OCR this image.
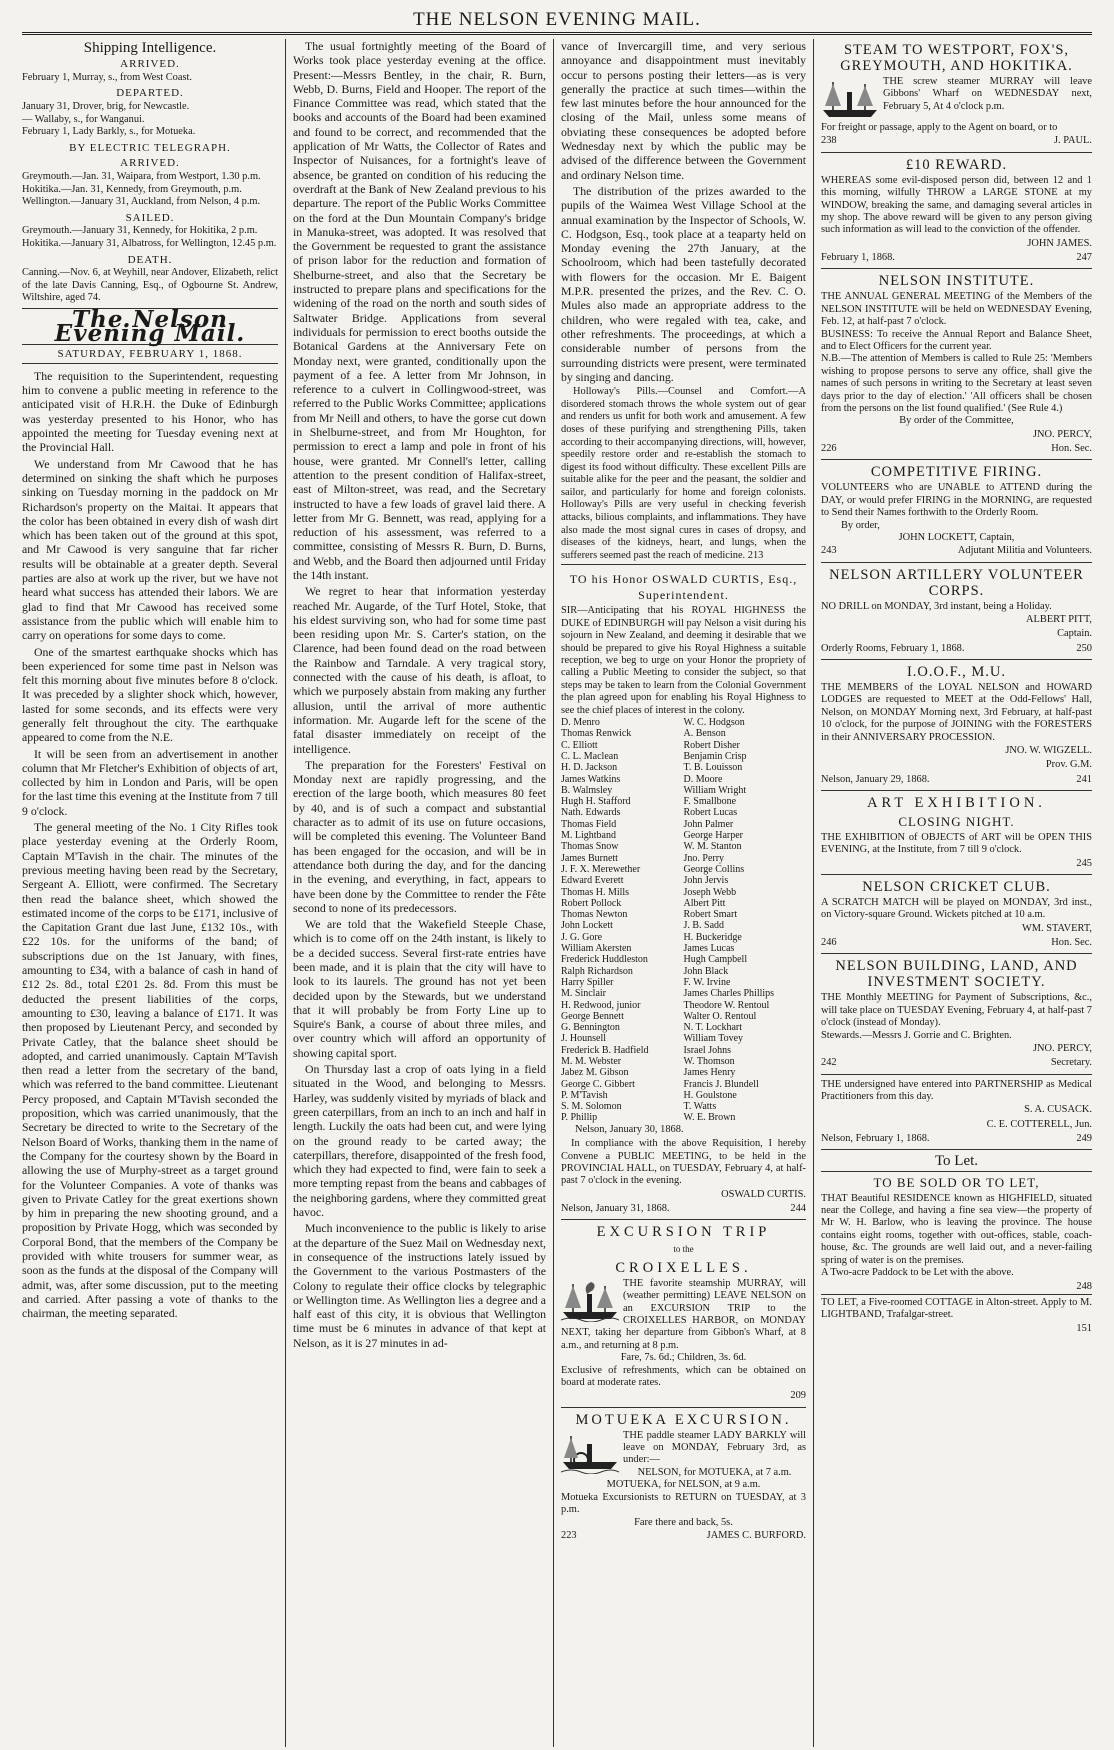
THE NELSON EVENING MAIL.
Shipping Intelligence.
ARRIVED.
February 1, Murray, s., from West Coast.
DEPARTED.
January 31, Drover, brig, for Newcastle.
— Wallaby, s., for Wanganui.
February 1, Lady Barkly, s., for Motueka.
BY ELECTRIC TELEGRAPH.
ARRIVED.
Greymouth.—Jan. 31, Waipara, from Westport, 1.30 p.m.
Hokitika.—Jan. 31, Kennedy, from Greymouth, p.m.
Wellington.—January 31, Auckland, from Nelson, 4 p.m.
SAILED.
Greymouth.—January 31, Kennedy, for Hokitika, 2 p.m.
Hokitika.—January 31, Albatross, for Wellington, 12.45 p.m.
DEATH.
Canning.—Nov. 6, at Weyhill, near Andover, Elizabeth, relict of the late Davis Canning, Esq., of Ogbourne St. Andrew, Wiltshire, aged 74.
The Nelson Evening Mail.
SATURDAY, FEBRUARY 1, 1868.

The requisition to the Superintendent, requesting him to convene a public meeting in reference to the anticipated visit of H.R.H. the Duke of Edinburgh was yesterday presented to his Honor, who has appointed the meeting for Tuesday evening next at the Provincial Hall.

We understand from Mr Cawood that he has determined on sinking the shaft which he purposes sinking on Tuesday morning in the paddock on Mr Richardson's property on the Maitai. It appears that the color has been obtained in every dish of wash dirt which has been taken out of the ground at this spot, and Mr Cawood is very sanguine that far richer results will be obtainable at a greater depth. Several parties are also at work up the river, but we have not heard what success has attended their labors. We are glad to find that Mr Cawood has received some assistance from the public which will enable him to carry on operations for some days to come.

One of the smartest earthquake shocks which has been experienced for some time past in Nelson was felt this morning about five minutes before 8 o'clock. It was preceded by a slighter shock which, however, lasted for some seconds, and its effects were very generally felt throughout the city. The earthquake appeared to come from the N.E.

It will be seen from an advertisement in another column that Mr Fletcher's Exhibition of objects of art, collected by him in London and Paris, will be open for the last time this evening at the Institute from 7 till 9 o'clock.

The general meeting of the No. 1 City Rifles took place yesterday evening at the Orderly Room, Captain M'Tavish in the chair. The minutes of the previous meeting having been read by the Secretary, Sergeant A. Elliott, were confirmed. The Secretary then read the balance sheet, which showed the estimated income of the corps to be £171, inclusive of the Capitation Grant due last June, £132 10s., with £22 10s. for the uniforms of the band; of subscriptions due on the 1st January, with fines, amounting to £34, with a balance of cash in hand of £12 2s. 8d., total £201 2s. 8d. From this must be deducted the present liabilities of the corps, amounting to £30, leaving a balance of £171. It was then proposed by Lieutenant Percy, and seconded by Private Catley, that the balance sheet should be adopted, and carried unanimously. Captain M'Tavish then read a letter from the secretary of the band, which was referred to the band committee. Lieutenant Percy proposed, and Captain M'Tavish seconded the proposition, which was carried unanimously, that the Secretary be directed to write to the Secretary of the Nelson Board of Works, thanking them in the name of the Company for the courtesy shown by the Board in allowing the use of Murphy-street as a target ground for the Volunteer Companies. A vote of thanks was given to Private Catley for the great exertions shown by him in preparing the new shooting ground, and a proposition by Private Hogg, which was seconded by Corporal Bond, that the members of the Company be provided with white trousers for summer wear, as soon as the funds at the disposal of the Company will admit, was, after some discussion, put to the meeting and carried. After passing a vote of thanks to the chairman, the meeting separated.

The usual fortnightly meeting of the Board of Works took place yesterday evening at the office. Present:—Messrs Bentley, in the chair, R. Burn, Webb, D. Burns, Field and Hooper. The report of the Finance Committee was read, which stated that the books and accounts of the Board had been examined and found to be correct, and recommended that the application of Mr Watts, the Collector of Rates and Inspector of Nuisances, for a fortnight's leave of absence, be granted on condition of his reducing the overdraft at the Bank of New Zealand previous to his departure. The report of the Public Works Committee on the ford at the Dun Mountain Company's bridge in Manuka-street, was adopted. It was resolved that the Government be requested to grant the assistance of prison labor for the reduction and formation of Shelburne-street, and also that the Secretary be instructed to prepare plans and specifications for the widening of the road on the north and south sides of Saltwater Bridge. Applications from several individuals for permission to erect booths outside the Botanical Gardens at the Anniversary Fete on Monday next, were granted, conditionally upon the payment of a fee. A letter from Mr Johnson, in reference to a culvert in Collingwood-street, was referred to the Public Works Committee; applications from Mr Neill and others, to have the gorse cut down in Shelburne-street, and from Mr Houghton, for permission to erect a lamp and pole in front of his house, were granted. Mr Connell's letter, calling attention to the present condition of Halifax-street, east of Milton-street, was read, and the Secretary instructed to have a few loads of gravel laid there. A letter from Mr G. Bennett, was read, applying for a reduction of his assessment, was referred to a committee, consisting of Messrs R. Burn, D. Burns, and Webb, and the Board then adjourned until Friday the 14th instant.

We regret to hear that information yesterday reached Mr. Augarde, of the Turf Hotel, Stoke, that his eldest surviving son, who had for some time past been residing upon Mr. S. Carter's station, on the Clarence, had been found dead on the road between the Rainbow and Tarndale. A very tragical story, connected with the cause of his death, is afloat, to which we purposely abstain from making any further allusion, until the arrival of more authentic information. Mr. Augarde left for the scene of the fatal disaster immediately on receipt of the intelligence.

The preparation for the Foresters' Festival on Monday next are rapidly progressing, and the erection of the large booth, which measures 80 feet by 40, and is of such a compact and substantial character as to admit of its use on future occasions, will be completed this evening. The Volunteer Band has been engaged for the occasion, and will be in attendance both during the day, and for the dancing in the evening, and everything, in fact, appears to have been done by the Committee to render the Fête second to none of its predecessors.

We are told that the Wakefield Steeple Chase, which is to come off on the 24th instant, is likely to be a decided success. Several first-rate entries have been made, and it is plain that the city will have to look to its laurels. The ground has not yet been decided upon by the Stewards, but we understand that it will probably be from Forty Line up to Squire's Bank, a course of about three miles, and over country which will afford an opportunity of showing capital sport.

On Thursday last a crop of oats lying in a field situated in the Wood, and belonging to Messrs. Harley, was suddenly visited by myriads of black and green caterpillars, from an inch to an inch and half in length. Luckily the oats had been cut, and were lying on the ground ready to be carted away; the caterpillars, therefore, disappointed of the fresh food, which they had expected to find, were fain to seek a more tempting repast from the beans and cabbages of the neighboring gardens, where they committed great havoc.

Much inconvenience to the public is likely to arise at the departure of the Suez Mail on Wednesday next, in consequence of the instructions lately issued by the Government to the various Postmasters of the Colony to regulate their office clocks by telegraphic or Wellington time. As Wellington lies a degree and a half east of this city, it is obvious that Wellington time must be 6 minutes in advance of that kept at Nelson, as it is 27 minutes in ad-

vance of Invercargill time, and very serious annoyance and disappointment must inevitably occur to persons posting their letters—as is very generally the practice at such times—within the few last minutes before the hour announced for the closing of the Mail, unless some means of obviating these consequences be adopted before Wednesday next by which the public may be advised of the difference between the Government and ordinary Nelson time.

The distribution of the prizes awarded to the pupils of the Waimea West Village School at the annual examination by the Inspector of Schools, W. C. Hodgson, Esq., took place at a teaparty held on Monday evening the 27th January, at the Schoolroom, which had been tastefully decorated with flowers for the occasion. Mr E. Baigent M.P.R. presented the prizes, and the Rev. C. O. Mules also made an appropriate address to the children, who were regaled with tea, cake, and other refreshments. The proceedings, at which a considerable number of persons from the surrounding districts were present, were terminated by singing and dancing.

Holloway's Pills.—Counsel and Comfort.—A disordered stomach throws the whole system out of gear and renders us unfit for both work and amusement. A few doses of these purifying and strengthening Pills, taken according to their accompanying directions, will, however, speedily restore order and re-establish the stomach to digest its food without difficulty. These excellent Pills are suitable alike for the peer and the peasant, the soldier and sailor, and particularly for home and foreign colonists. Holloway's Pills are very useful in checking feverish attacks, bilious complaints, and inflammations. They have also made the most signal cures in cases of dropsy, and diseases of the kidneys, heart, and lungs, when the sufferers seemed past the reach of medicine. 213

TO his Honor OSWALD CURTIS, Esq., Superintendent.
SIR—Anticipating that his ROYAL HIGHNESS the DUKE of EDINBURGH will pay Nelson a visit during his sojourn in New Zealand, and deeming it desirable that we should be prepared to give his Royal Highness a suitable reception, we beg to urge on your Honor the propriety of calling a Public Meeting to consider the subject, so that steps may be taken to learn from the Colonial Government the plan agreed upon for enabling his Royal Highness to see the chief places of interest in the colony.
D. Menro	W. C. Hodgson
Thomas Renwick	A. Benson
C. Elliott	Robert Disher
C. L. Maclean	Benjamin Crisp
H. D. Jackson	T. B. Louisson
James Watkins	D. Moore
B. Walmsley	William Wright
Hugh H. Stafford	F. Smallbone
Nath. Edwards	Robert Lucas
Thomas Field	John Palmer
M. Lightband	George Harper
Thomas Snow	W. M. Stanton
James Burnett	Jno. Perry
J. F. X. Merewether	George Collins
Edward Everett	John Jervis
Thomas H. Mills	Joseph Webb
Robert Pollock	Albert Pitt
Thomas Newton	Robert Smart
John Lockett	J. B. Sadd
J. G. Gore	H. Buckeridge
William Akersten	James Lucas
Frederick Huddleston	Hugh Campbell
Ralph Richardson	John Black
Harry Spiller	F. W. Irvine
M. Sinclair	James Charles Phillips
H. Redwood, junior	Theodore W. Rentoul
George Bennett	Walter O. Rentoul
G. Bennington	N. T. Lockhart
J. Hounsell	William Tovey
Frederick B. Hadfield	Israel Johns
M. M. Webster	W. Thomson
Jabez M. Gibson	James Henry
George C. Gibbert	Francis J. Blundell
P. M'Tavish	H. Goulstone
S. M. Solomon	T. Watts
P. Phillip	W. E. Brown
Nelson, January 30, 1868.
In compliance with the above Requisition, I hereby Convene a PUBLIC MEETING, to be held in the PROVINCIAL HALL, on TUESDAY, February 4, at half-past 7 o'clock in the evening.
OSWALD CURTIS.
Nelson, January 31, 1868.	244
EXCURSION TRIP
to the
CROIXELLES.
THE favorite steamship MURRAY, will (weather permitting) LEAVE NELSON on an EXCURSION TRIP to the CROIXELLES HARBOR, on MONDAY NEXT, taking her departure from Gibbon's Wharf, at 8 a.m., and returning at 8 p.m.
Fare, 7s. 6d.; Children, 3s. 6d.
Exclusive of refreshments, which can be obtained on board at moderate rates.
209
MOTUEKA EXCURSION.
THE paddle steamer LADY BARKLY will leave on MONDAY, February 3rd, as under:—
NELSON, for MOTUEKA, at 7 a.m.
MOTUEKA, for NELSON, at 9 a.m.
Motueka Excursionists to RETURN on TUESDAY, at 3 p.m.
Fare there and back, 5s.
223	JAMES C. BURFORD.
STEAM TO WESTPORT, FOX'S, GREYMOUTH, AND HOKITIKA.
THE screw steamer MURRAY will leave Gibbons' Wharf on WEDNESDAY next, February 5, At 4 o'clock p.m.
For freight or passage, apply to the Agent on board, or to
238	J. PAUL.
£10 REWARD.
WHEREAS some evil-disposed person did, between 12 and 1 this morning, wilfully THROW a LARGE STONE at my WINDOW, breaking the same, and damaging several articles in my shop. The above reward will be given to any person giving such information as will lead to the conviction of the offender.
JOHN JAMES.
February 1, 1868.	247
NELSON INSTITUTE.
THE ANNUAL GENERAL MEETING of the Members of the NELSON INSTITUTE will be held on WEDNESDAY Evening, Feb. 12, at half-past 7 o'clock.
BUSINESS: To receive the Annual Report and Balance Sheet, and to Elect Officers for the current year.
N.B.—The attention of Members is called to Rule 25: 'Members wishing to propose persons to serve any office, shall give the names of such persons in writing to the Secretary at least seven days prior to the day of election.' 'All officers shall be chosen from the persons on the list found qualified.' (See Rule 4.)
By order of the Committee,
JNO. PERCY,
226	Hon. Sec.
COMPETITIVE FIRING.
VOLUNTEERS who are UNABLE to ATTEND during the DAY, or would prefer FIRING in the MORNING, are requested to Send their Names forthwith to the Orderly Room.
By order,
JOHN LOCKETT, Captain,
243	Adjutant Militia and Volunteers.
NELSON ARTILLERY VOLUNTEER CORPS.
NO DRILL on MONDAY, 3rd instant, being a Holiday.
ALBERT PITT,
Captain.
Orderly Rooms, February 1, 1868.	250
I.O.O.F., M.U.
THE MEMBERS of the LOYAL NELSON and HOWARD LODGES are requested to MEET at the Odd-Fellows' Hall, Nelson, on MONDAY Morning next, 3rd February, at half-past 10 o'clock, for the purpose of JOINING with the FORESTERS in their ANNIVERSARY PROCESSION.
JNO. W. WIGZELL.
Prov. G.M.
Nelson, January 29, 1868.	241
ART EXHIBITION.
CLOSING NIGHT.
THE EXHIBITION of OBJECTS of ART will be OPEN THIS EVENING, at the Institute, from 7 till 9 o'clock.
245
NELSON CRICKET CLUB.
A SCRATCH MATCH will be played on MONDAY, 3rd inst., on Victory-square Ground. Wickets pitched at 10 a.m.
WM. STAVERT,
246	Hon. Sec.
NELSON BUILDING, LAND, AND INVESTMENT SOCIETY.
THE Monthly MEETING for Payment of Subscriptions, &c., will take place on TUESDAY Evening, February 4, at half-past 7 o'clock (instead of Monday).
Stewards.—Messrs J. Gorrie and C. Brighten.
JNO. PERCY,
242	Secretary.
THE undersigned have entered into PARTNERSHIP as Medical Practitioners from this day.
S. A. CUSACK.
C. E. COTTERELL, Jun.
Nelson, February 1, 1868.	249
To Let.
TO BE SOLD OR TO LET,
THAT Beautiful RESIDENCE known as HIGHFIELD, situated near the College, and having a fine sea view—the property of Mr W. H. Barlow, who is leaving the province. The house contains eight rooms, together with out-offices, stable, coach-house, &c. The grounds are well laid out, and a never-failing spring of water is on the premises.
A Two-acre Paddock to be Let with the above.
248
TO LET, a Five-roomed COTTAGE in Alton-street. Apply to M. LIGHTBAND, Trafalgar-street.
151
